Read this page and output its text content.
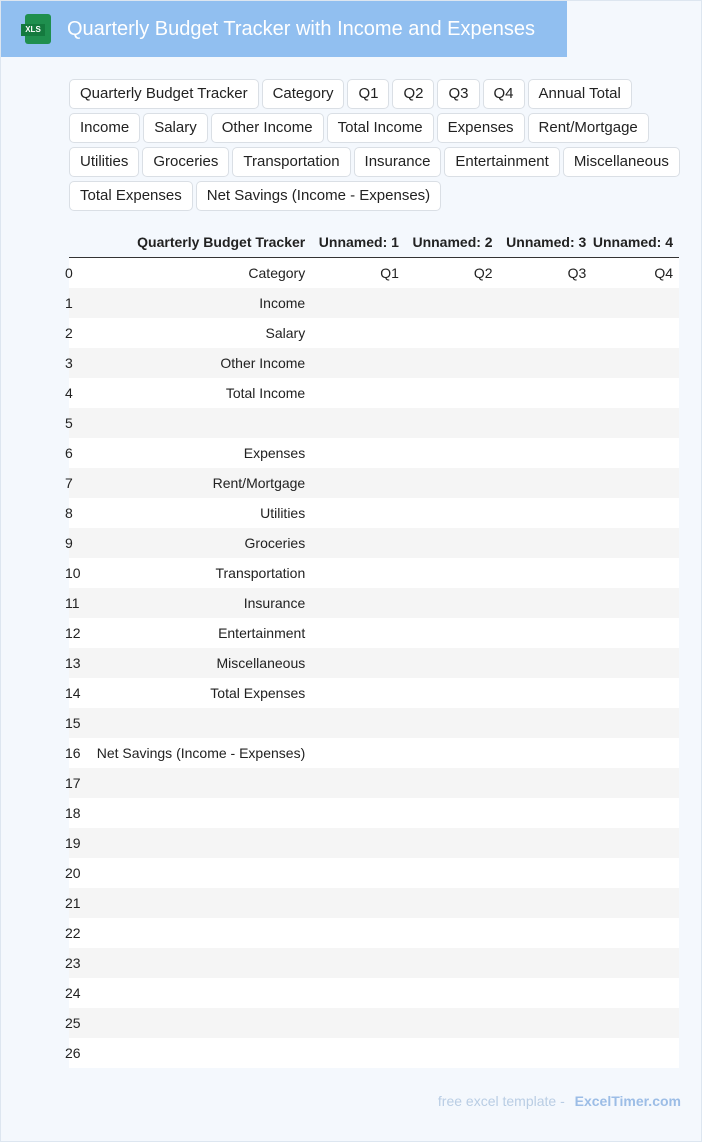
XLS Quarterly Budget Tracker with Income and Expenses
Quarterly Budget Tracker	Category	Q1	Q2	Q3	Q4	Annual Total
Income	Salary	Other Income	Total Income	Expenses	Rent/Mortgage
Utilities	Groceries	Transportation	Insurance	Entertainment	Miscellaneous
Total Expenses	Net Savings (Income - Expenses)
Quarterly Budget Tracker Unnamed: 1 Unnamed: 2 Unnamed: 3 Unnamed: 4
0	Category	Q1	Q2	Q3	Q4
1	Income
2	Salary
3	Other Income
4	Total Income
5
6	Expenses
7	Rent/Mortgage
8	Utilities
9	Groceries
10	Transportation
11	Insurance
12	Entertainment
13	Miscellaneous
14	Total Expenses
15
16	Net Savings (Income - Expenses)
17
18
19
20
21
22
23
24
25
26
free excel template - ExcelTimer.com
